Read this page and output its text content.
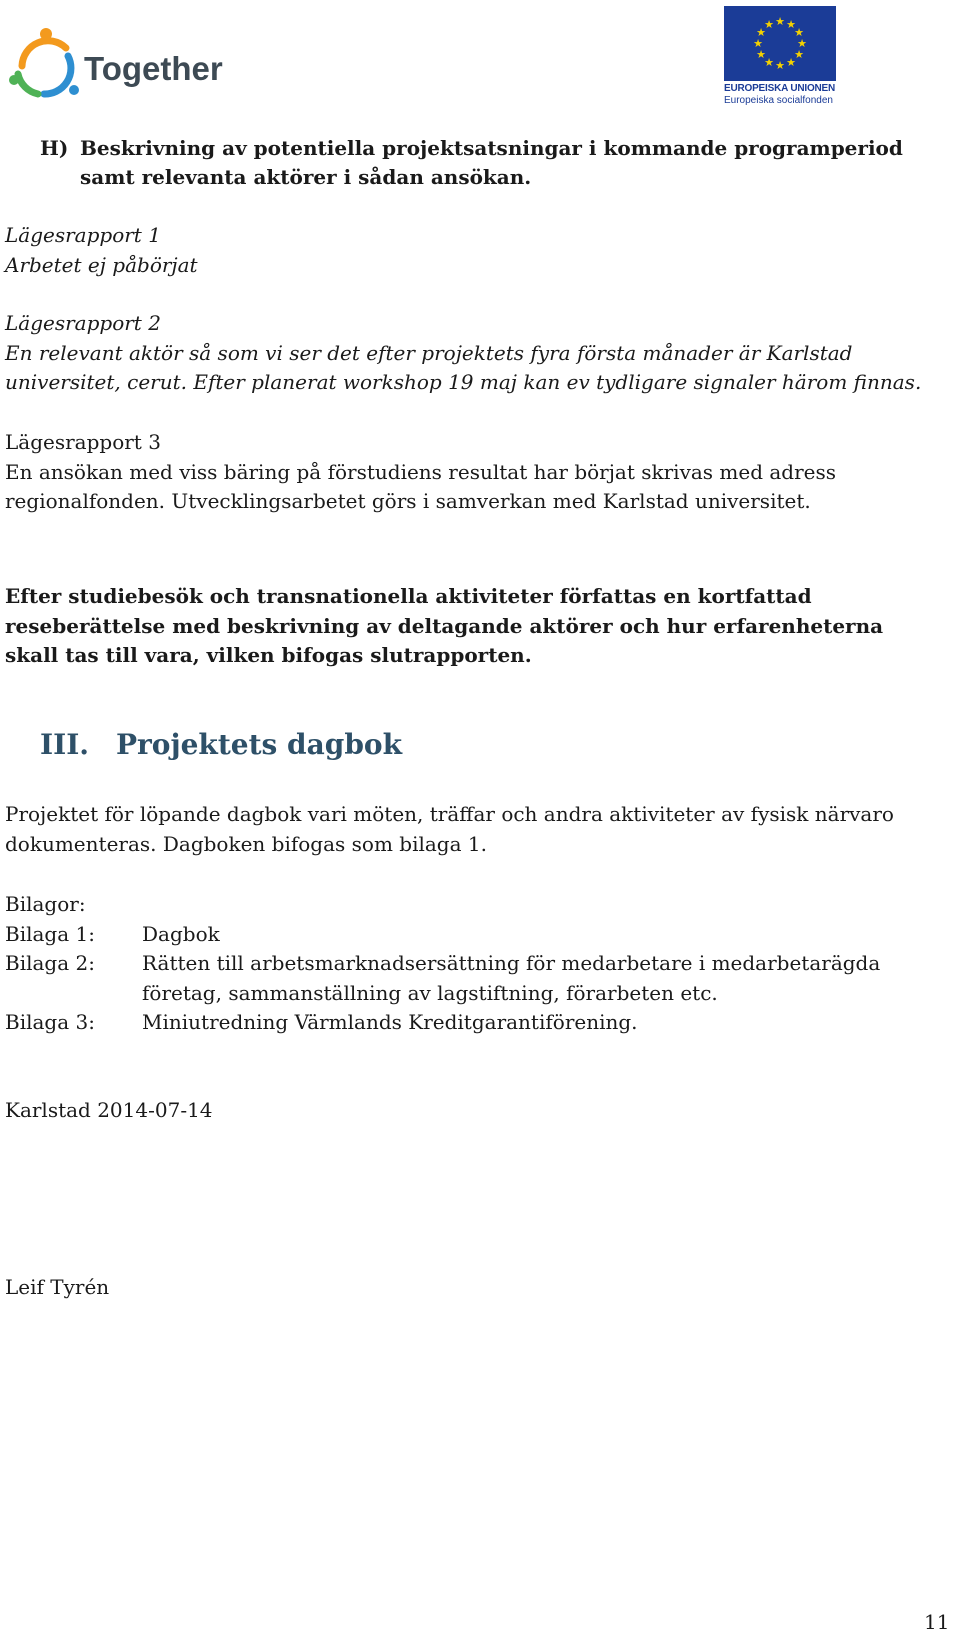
Together
★ ★
★
★
★
★
★
★
★
★
★
★
EUROPEISKA UNIONEN
Europeiska socialfonden
H) Beskrivning av potentiella projektsatsningar i kommande programperiod
samt relevanta aktörer i sådan ansökan.
Lägesrapport 1
Arbetet ej påbörjat
Lägesrapport 2
En relevant aktör så som vi ser det efter projektets fyra första månader är Karlstad
universitet, cerut. Efter planerat workshop 19 maj kan ev tydligare signaler härom finnas.
Lägesrapport 3
En ansökan med viss bäring på förstudiens resultat har börjat skrivas med adress
regionalfonden. Utvecklingsarbetet görs i samverkan med Karlstad universitet.
Efter studiebesök och transnationella aktiviteter författas en kortfattad
reseberättelse med beskrivning av deltagande aktörer och hur erfarenheterna
skall tas till vara, vilken bifogas slutrapporten.
III. Projektets dagbok
Projektet för löpande dagbok vari möten, träffar och andra aktiviteter av fysisk närvaro
dokumenteras. Dagboken bifogas som bilaga 1.
Bilagor:
Bilaga 1: Dagbok
Bilaga 2: Rätten till arbetsmarknadsersättning för medarbetare i medarbetarägda
företag, sammanställning av lagstiftning, förarbeten etc.
Bilaga 3: Miniutredning Värmlands Kreditgarantiförening.
Karlstad 2014-07-14
Leif Tyrén
11
